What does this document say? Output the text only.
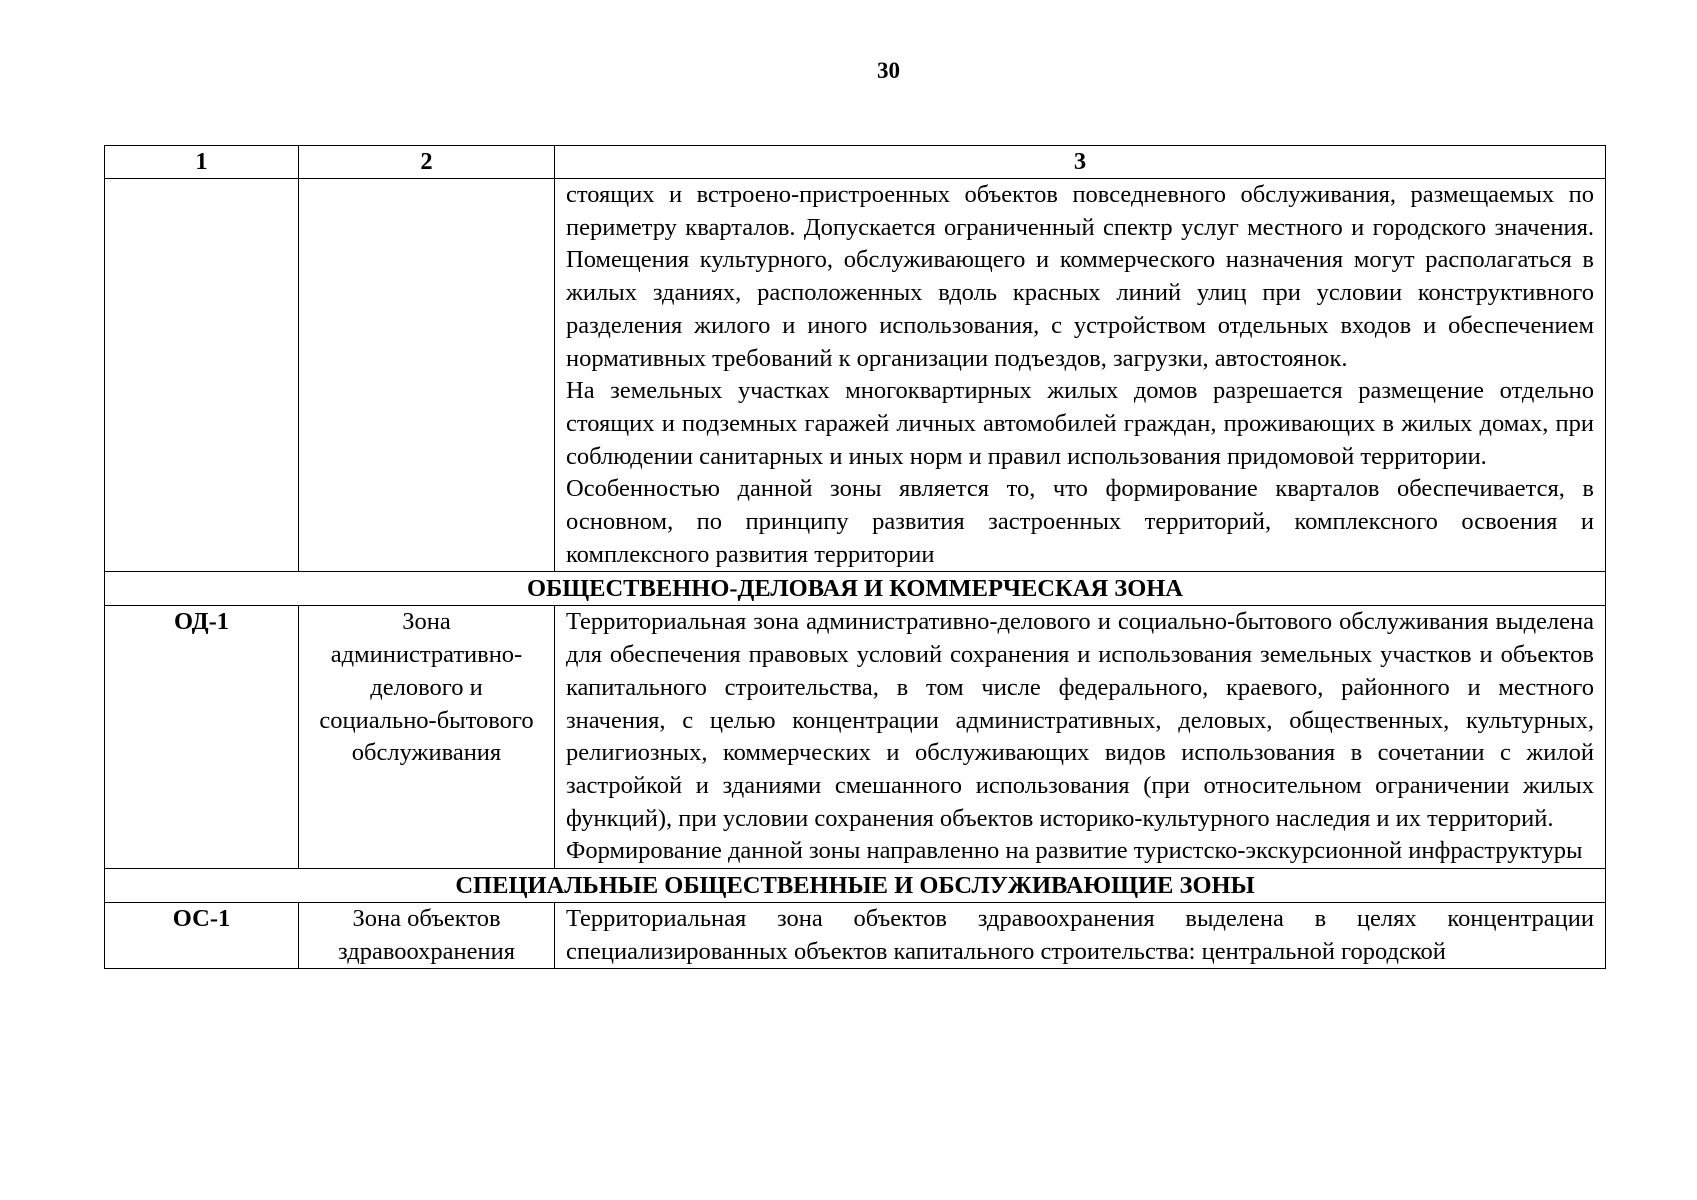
30
1	2	3

		стоящих и встроено-пристроенных объектов повседневного обслуживания, размещаемых по периметру кварталов. Допускается ограниченный спектр услуг местного и городского значения. Помещения культурного, обслуживающего и коммерческого назначения могут располагаться в жилых зданиях, расположенных вдоль красных линий улиц при условии конструктивного разделения жилого и иного использования, с устройством отдельных входов и обеспечением нормативных требований к организации подъездов, загрузки, автостоянок.

На земельных участках многоквартирных жилых домов разрешается размещение отдельно стоящих и подземных гаражей личных автомобилей граждан, проживающих в жилых домах, при соблюдении санитарных и иных норм и правил использования придомовой территории.

Особенностью данной зоны является то, что формирование кварталов обеспечивается, в основном, по принципу развития застроенных территорий, комплексного освоения и комплексного развития территории

ОБЩЕСТВЕННО-ДЕЛОВАЯ И КОММЕРЧЕСКАЯ ЗОНА		
ОД-1	Зона административно-делового и социально-бытового обслуживания	Территориальная зона административно-делового и социально-бытового обслуживания выделена для обеспечения правовых условий сохранения и использования земельных участков и объектов капитального строительства, в том числе федерального, краевого, районного и местного значения, с целью концентрации административных, деловых, общественных, культурных, религиозных, коммерческих и обслуживающих видов использования в сочетании с жилой застройкой и зданиями смешанного использования (при относительном ограничении жилых функций), при условии сохранения объектов историко-культурного наследия и их территорий.

Формирование данной зоны направленно на развитие туристско-экскурсионной инфраструктуры

СПЕЦИАЛЬНЫЕ ОБЩЕСТВЕННЫЕ И ОБСЛУЖИВАЮЩИЕ ЗОНЫ		
ОС-1	Зона объектов здравоохранения	Территориальная зона объектов здравоохранения выделена в целях концентрации специализированных объектов капитального строительства: центральной городской
